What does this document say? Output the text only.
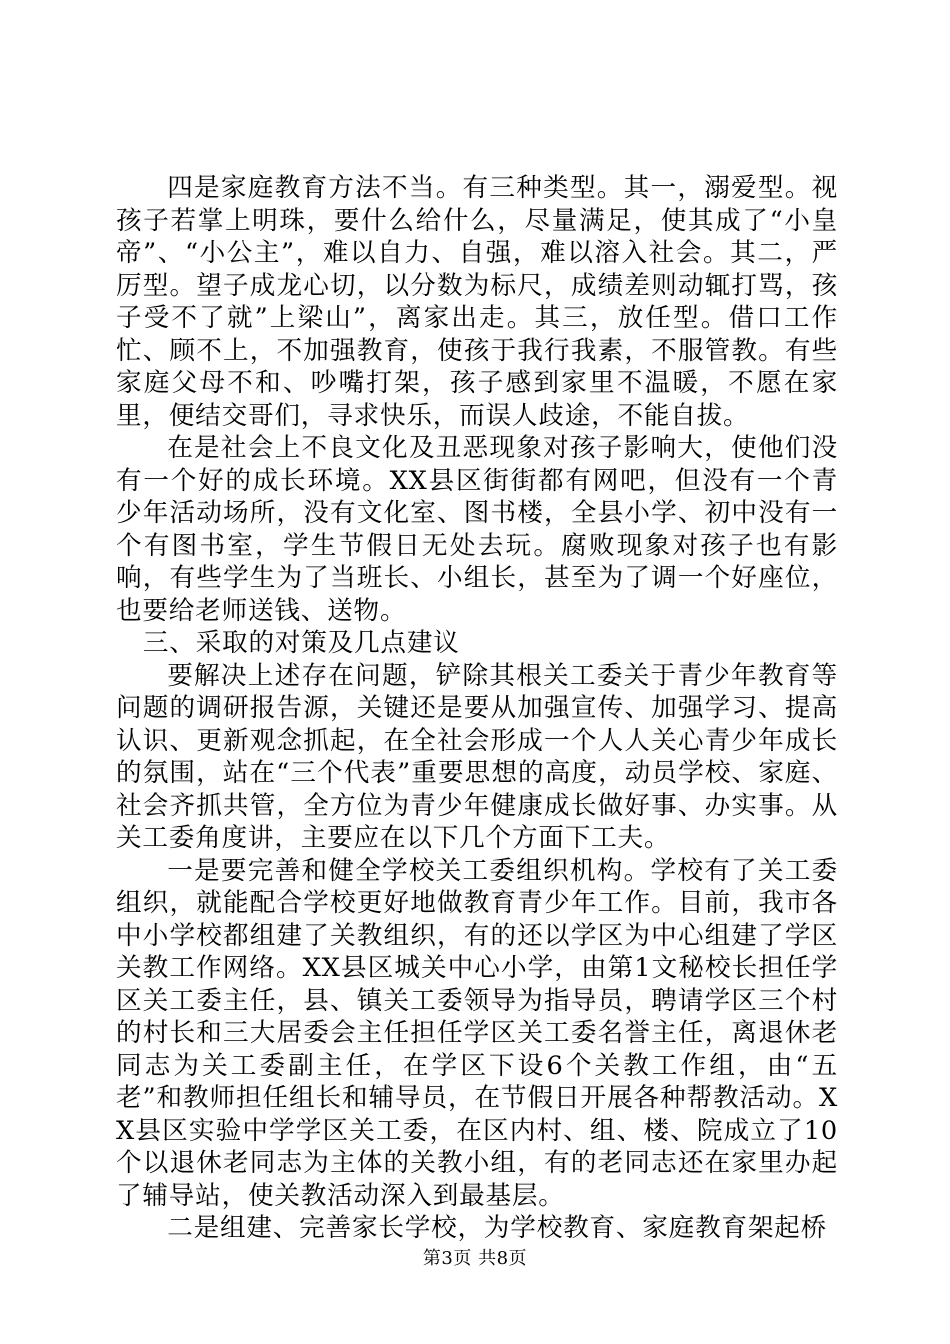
四是家庭教育方法不当。有三种类型。其一，溺爱型。视孩子若掌上明珠，要什么给什么，尽量满足，使其成了“小皇帝”、“小公主”，难以自力、自强，难以溶入社会。其二，严厉型。望子成龙心切，以分数为标尺，成绩差则动辄打骂，孩子受不了就”上梁山”，离家出走。其三，放任型。借口工作忙、顾不上，不加强教育，使孩于我行我素，不服管教。有些家庭父母不和、吵嘴打架，孩子感到家里不温暖，不愿在家里，便结交哥们，寻求快乐，而误人歧途，不能自拔。

在是社会上不良文化及丑恶现象对孩子影响大，使他们没有一个好的成长环境。XX县区街街都有网吧，但没有一个青少年活动场所，没有文化室、图书楼，全县小学、初中没有一个有图书室，学生节假日无处去玩。腐败现象对孩子也有影响，有些学生为了当班长、小组长，甚至为了调一个好座位，也要给老师送钱、送物。

三、采取的对策及几点建议

要解决上述存在问题，铲除其根关工委关于青少年教育等问题的调研报告源，关键还是要从加强宣传、加强学习、提高认识、更新观念抓起，在全社会形成一个人人关心青少年成长的氛围，站在“三个代表”重要思想的高度，动员学校、家庭、社会齐抓共管，全方位为青少年健康成长做好事、办实事。从关工委角度讲，主要应在以下几个方面下工夫。

一是要完善和健全学校关工委组织机构。学校有了关工委组织，就能配合学校更好地做教育青少年工作。目前，我市各中小学校都组建了关教组织，有的还以学区为中心组建了学区关教工作网络。XX县区城关中心小学，由第1文秘校长担任学区关工委主任，县、镇关工委领导为指导员，聘请学区三个村的村长和三大居委会主任担任学区关工委名誉主任，离退休老同志为关工委副主任，在学区下设6个关教工作组，由“五老”和教师担任组长和辅导员，在节假日开展各种帮教活动。XX县区实验中学学区关工委，在区内村、组、楼、院成立了10个以退休老同志为主体的关教小组，有的老同志还在家里办起了辅导站，使关教活动深入到最基层。

二是组建、完善家长学校，为学校教育、家庭教育架起桥

第3页 共8页
